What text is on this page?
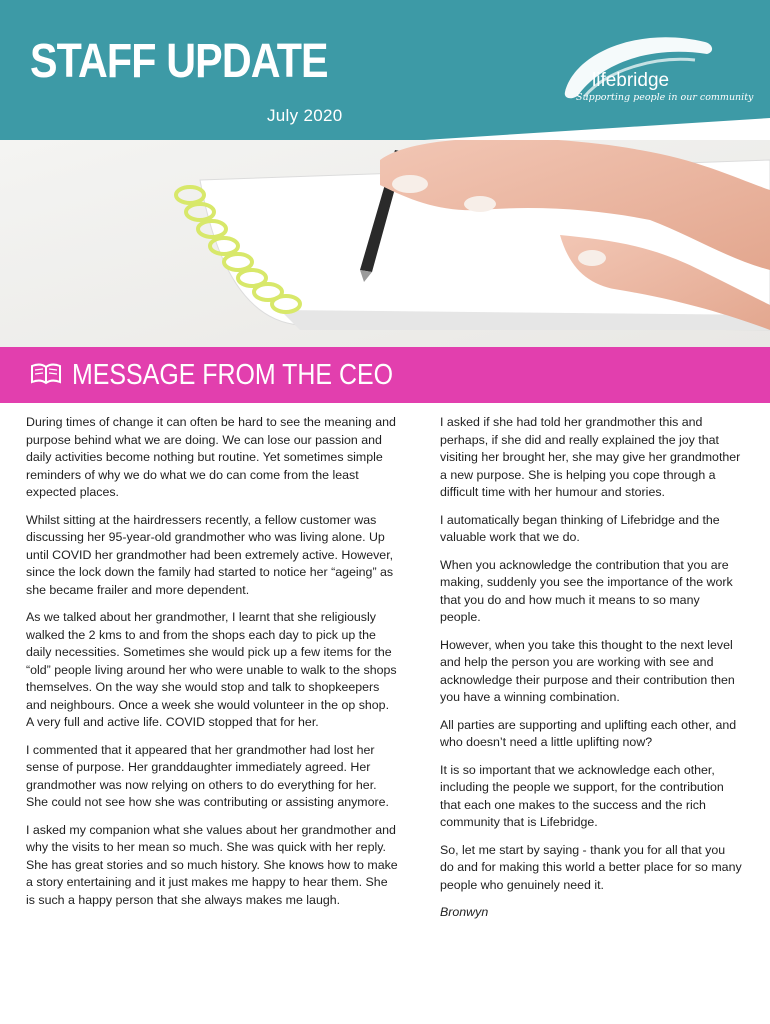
STAFF UPDATE
July 2020
lifebridge
Supporting people in our community
MESSAGE FROM THE CEO

During times of change it can often be hard to see the meaning and purpose behind what we are doing. We can lose our passion and daily activities become nothing but routine. Yet sometimes simple reminders of why we do what we do can come from the least expected places.

Whilst sitting at the hairdressers recently, a fellow customer was discussing her 95-year-old grandmother who was living alone. Up until COVID her grandmother had been extremely active. However, since the lock down the family had started to notice her “ageing” as she became frailer and more dependent.

As we talked about her grandmother, I learnt that she religiously walked the 2 kms to and from the shops each day to pick up the daily necessities. Sometimes she would pick up a few items for the “old” people living around her who were unable to walk to the shops themselves. On the way she would stop and talk to shopkeepers and neighbours. Once a week she would volunteer in the op shop. A very full and active life. COVID stopped that for her.

I commented that it appeared that her grandmother had lost her sense of purpose. Her granddaughter immediately agreed. Her grandmother was now relying on others to do everything for her. She could not see how she was contributing or assisting anymore.

I asked my companion what she values about her grandmother and why the visits to her mean so much. She was quick with her reply. She has great stories and so much history. She knows how to make a story entertaining and it just makes me happy to hear them. She is such a happy person that she always makes me laugh.

I asked if she had told her grandmother this and perhaps, if she did and really explained the joy that visiting her brought her, she may give her grandmother a new purpose. She is helping you cope through a difficult time with her humour and stories.

I automatically began thinking of Lifebridge and the valuable work that we do.

When you acknowledge the contribution that you are making, suddenly you see the importance of the work that you do and how much it means to so many people.

However, when you take this thought to the next level and help the person you are working with see and acknowledge their purpose and their contribution then you have a winning combination.

All parties are supporting and uplifting each other, and who doesn’t need a little uplifting now?

It is so important that we acknowledge each other, including the people we support, for the contribution that each one makes to the success and the rich community that is Lifebridge.

So, let me start by saying - thank you for all that you do and for making this world a better place for so many people who genuinely need it.

Bronwyn
